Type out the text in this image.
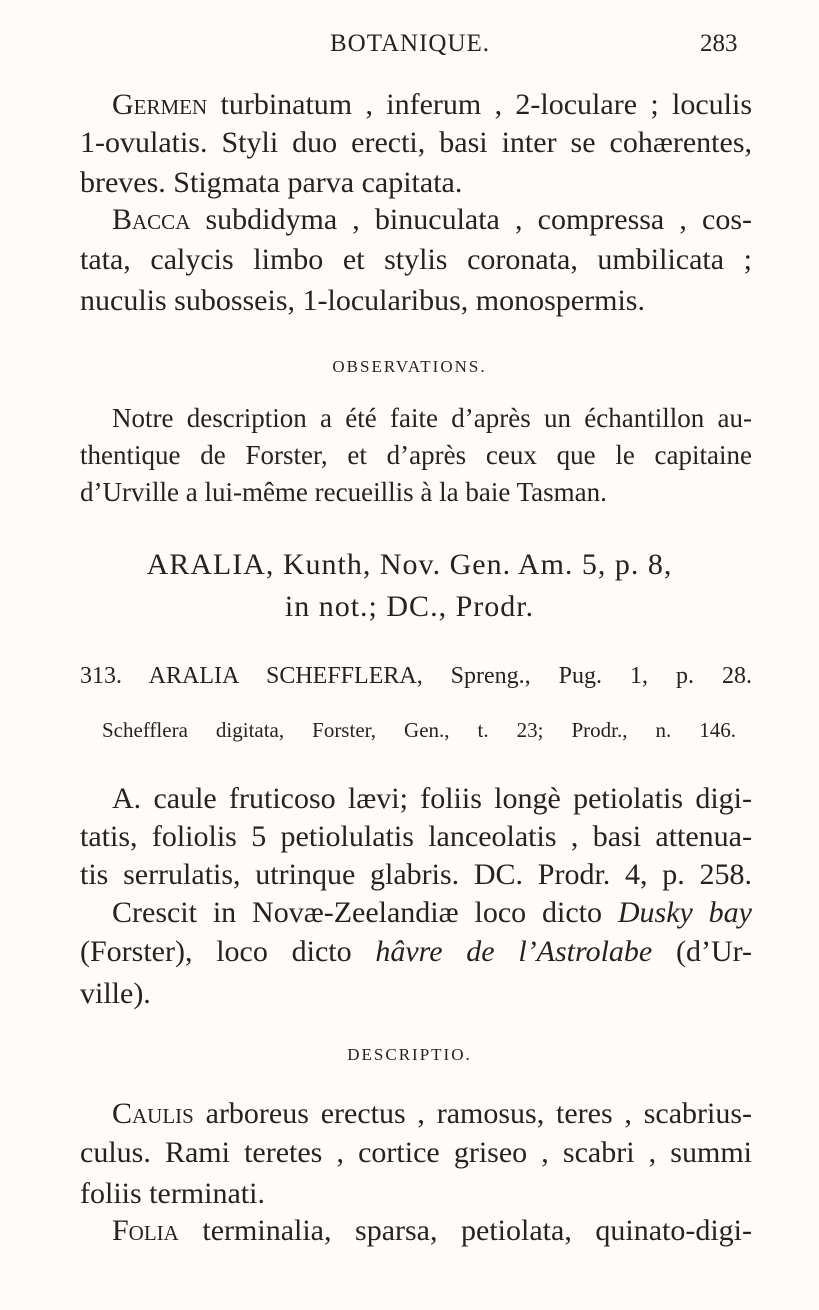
BOTANIQUE.	283
Germen turbinatum , inferum , 2-loculare ; loculis
1-ovulatis. Styli duo erecti, basi inter se cohærentes,
breves. Stigmata parva capitata.
Bacca subdidyma , binuculata , compressa , cos-
tata, calycis limbo et stylis coronata, umbilicata ;
nuculis subosseis, 1-locularibus, monospermis.
OBSERVATIONS.
Notre description a été faite d’après un échantillon au-
thentique de Forster, et d’après ceux que le capitaine
d’Urville a lui-même recueillis à la baie Tasman.
ARALIA, Kunth, Nov. Gen. Am. 5, p. 8,
in not.; DC., Prodr.
313. ARALIA SCHEFFLERA, Spreng., Pug. 1, p. 28.
Schefflera digitata, Forster, Gen., t. 23; Prodr., n. 146.
A. caule fruticoso lævi; foliis longè petiolatis digi-
tatis, foliolis 5 petiolulatis lanceolatis , basi attenua-
tis serrulatis, utrinque glabris. DC. Prodr. 4, p. 258.
Crescit in Novæ-Zeelandiæ loco dicto Dusky bay
(Forster), loco dicto hâvre de l’Astrolabe (d’Ur-
ville).
DESCRIPTIO.
Caulis arboreus erectus , ramosus, teres , scabrius-
culus. Rami teretes , cortice griseo , scabri , summi
foliis terminati.
Folia terminalia, sparsa, petiolata, quinato-digi-
